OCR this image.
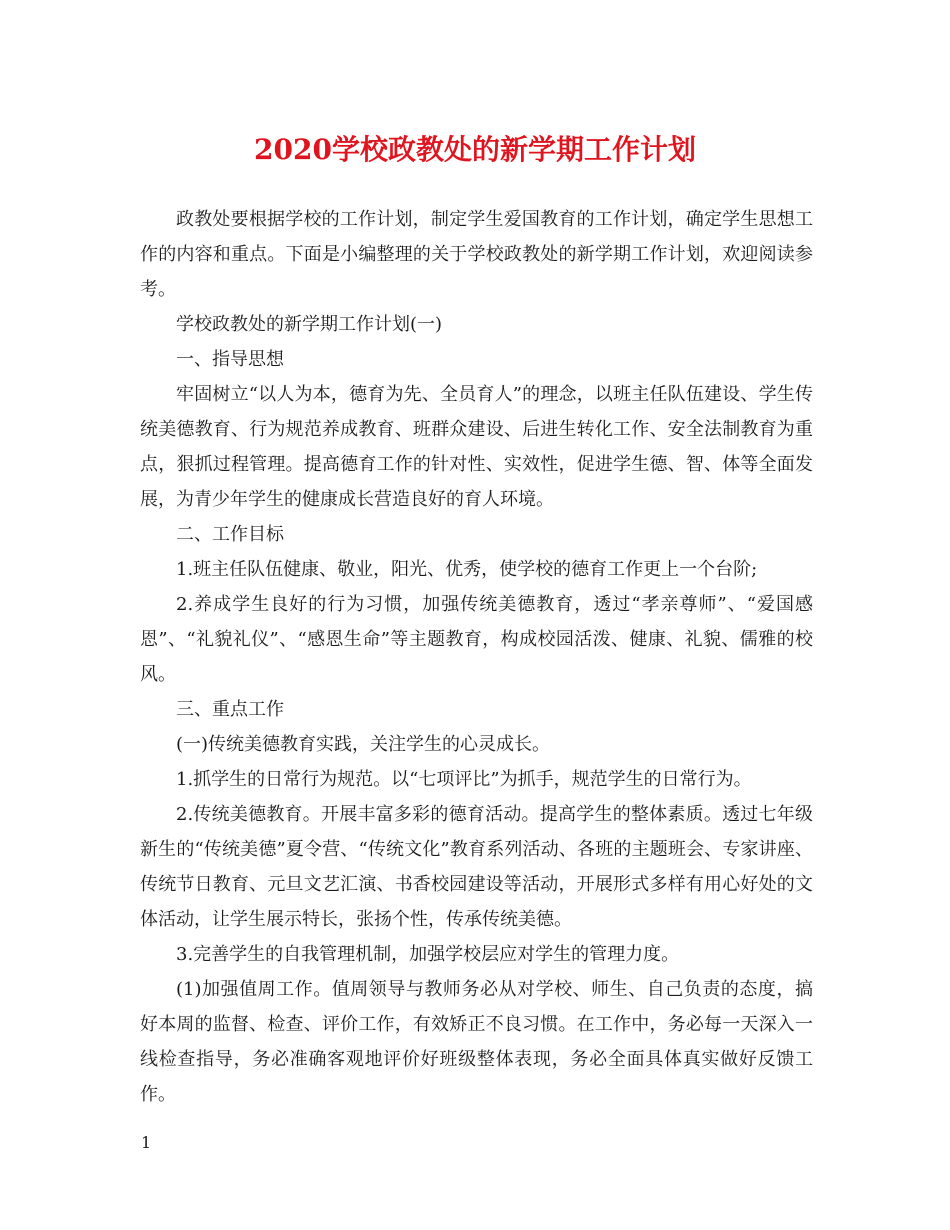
2020学校政教处的新学期工作计划

政教处要根据学校的工作计划，制定学生爱国教育的工作计划，确定学生思想工作的内容和重点。下面是小编整理的关于学校政教处的新学期工作计划，欢迎阅读参考。

学校政教处的新学期工作计划(一)

一、指导思想

牢固树立“以人为本，德育为先、全员育人”的理念，以班主任队伍建设、学生传统美德教育、行为规范养成教育、班群众建设、后进生转化工作、安全法制教育为重点，狠抓过程管理。提高德育工作的针对性、实效性，促进学生德、智、体等全面发展，为青少年学生的健康成长营造良好的育人环境。

二、工作目标

1.班主任队伍健康、敬业，阳光、优秀，使学校的德育工作更上一个台阶;

2.养成学生良好的行为习惯，加强传统美德教育，透过“孝亲尊师”、“爱国感恩”、“礼貌礼仪”、“感恩生命”等主题教育，构成校园活泼、健康、礼貌、儒雅的校风。

三、重点工作

(一)传统美德教育实践，关注学生的心灵成长。

1.抓学生的日常行为规范。以“七项评比”为抓手，规范学生的日常行为。

2.传统美德教育。开展丰富多彩的德育活动。提高学生的整体素质。透过七年级新生的“传统美德”夏令营、“传统文化”教育系列活动、各班的主题班会、专家讲座、传统节日教育、元旦文艺汇演、书香校园建设等活动，开展形式多样有用心好处的文体活动，让学生展示特长，张扬个性，传承传统美德。

3.完善学生的自我管理机制，加强学校层应对学生的管理力度。

(1)加强值周工作。值周领导与教师务必从对学校、师生、自己负责的态度，搞好本周的监督、检查、评价工作，有效矫正不良习惯。在工作中，务必每一天深入一线检查指导，务必准确客观地评价好班级整体表现，务必全面具体真实做好反馈工作。

1
